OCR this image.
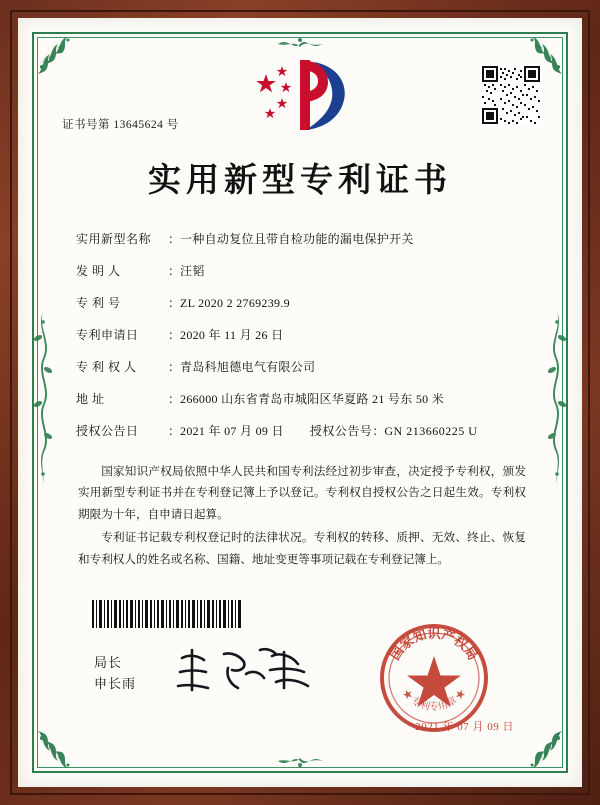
证书号第 13645624 号
实用新型专利证书
实用新型名称	： 一种自动复位且带自检功能的漏电保护开关
发 明 人	： 汪韬
专 利 号	： ZL 2020 2 2769239.9
专利申请日	： 2020 年 11 月 26 日
专 利 权 人	： 青岛科旭德电气有限公司
地 址	： 266000 山东省青岛市城阳区华夏路 21 号东 50 米
授权公告日	： 2021 年 07 月 09 日 授权公告号 ： GN 213660225 U

国家知识产权局依照中华人民共和国专利法经过初步审查，决定授予专利权，颁发实用新型专利证书并在专利登记簿上予以登记。专利权自授权公告之日起生效。专利权期限为十年，自申请日起算。

专利证书记载专利权登记时的法律状况。专利权的转移、质押、无效、终止、恢复和专利权人的姓名或名称、国籍、地址变更等事项记载在专利登记簿上。

局长
申长雨
国家知识产权局
★ 专利专用章 ★
2021 年 07 月 09 日
